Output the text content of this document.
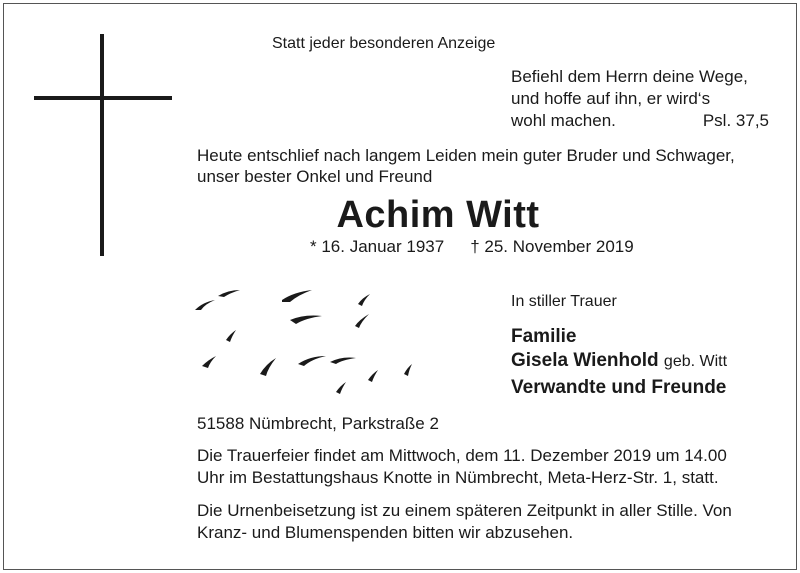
Statt jeder besonderen Anzeige
Befiehl dem Herrn deine Wege,
und hoffe auf ihn, er wird‘s
wohl machen.	Psl. 37,5
Heute entschlief nach langem Leiden mein guter Bruder und Schwager,
unser bester Onkel und Freund
Achim Witt
* 16. Januar 1937 † 25. November 2019
In stiller Trauer
Familie
Gisela Wienhold geb. Witt
Verwandte und Freunde
51588 Nümbrecht, Parkstraße 2
Die Trauerfeier findet am Mittwoch, dem 11. Dezember 2019 um 14.00
Uhr im Bestattungshaus Knotte in Nümbrecht, Meta-Herz-Str. 1, statt.
Die Urnenbeisetzung ist zu einem späteren Zeitpunkt in aller Stille. Von
Kranz- und Blumenspenden bitten wir abzusehen.
